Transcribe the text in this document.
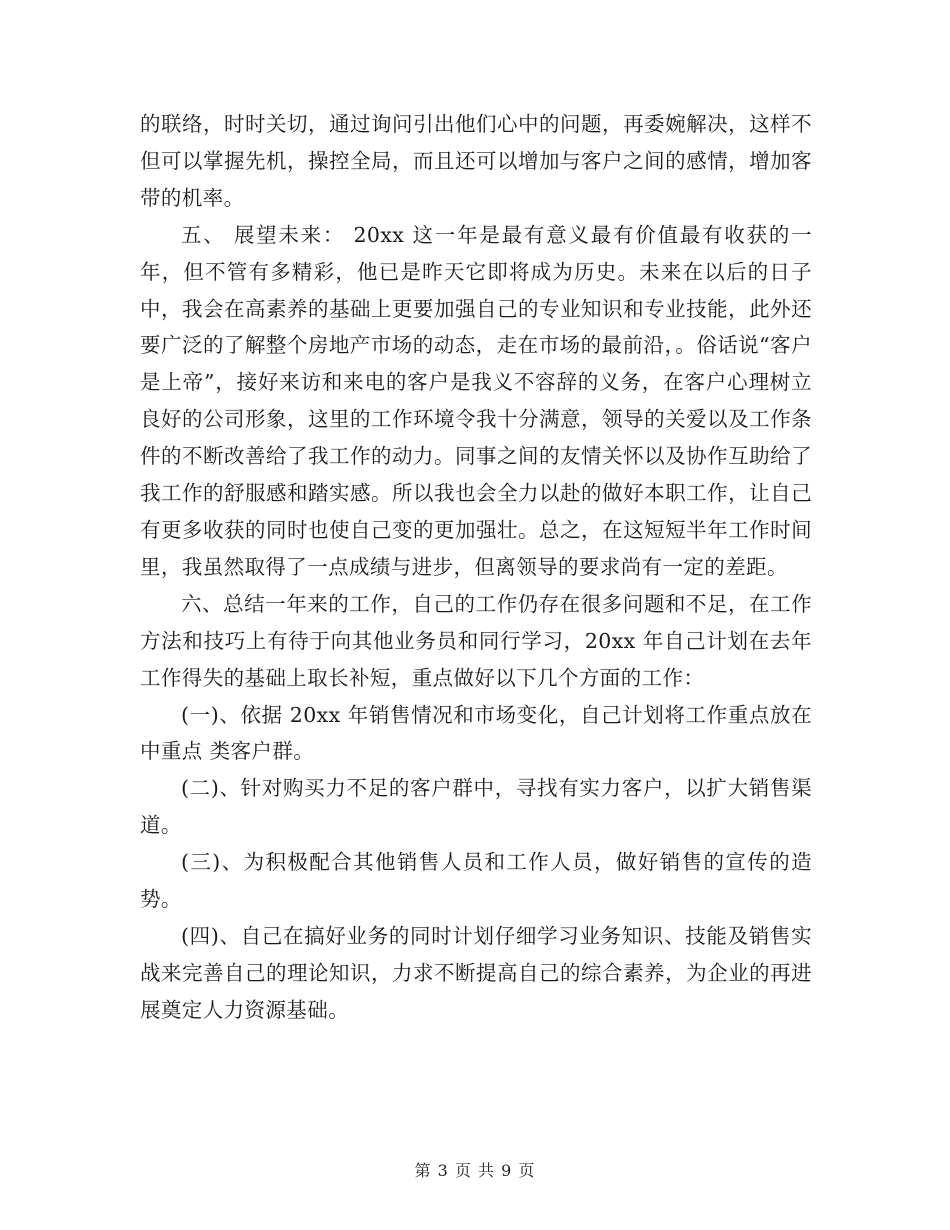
的联络，时时关切，通过询问引出他们心中的问题，再委婉解决，这样不但可以掌握先机，操控全局，而且还可以增加与客户之间的感情，增加客带的机率。

五、 展望未来： 20xx 这一年是最有意义最有价值最有收获的一年，但不管有多精彩，他已是昨天它即将成为历史。未来在以后的日子中，我会在高素养的基础上更要加强自己的专业知识和专业技能，此外还要广泛的了解整个房地产市场的动态，走在市场的最前沿，。俗话说“客户是上帝”，接好来访和来电的客户是我义不容辞的义务，在客户心理树立良好的公司形象，这里的工作环境令我十分满意，领导的关爱以及工作条件的不断改善给了我工作的动力。同事之间的友情关怀以及协作互助给了我工作的舒服感和踏实感。所以我也会全力以赴的做好本职工作，让自己有更多收获的同时也使自己变的更加强壮。总之，在这短短半年工作时间里，我虽然取得了一点成绩与进步，但离领导的要求尚有一定的差距。

六、总结一年来的工作，自己的工作仍存在很多问题和不足，在工作方法和技巧上有待于向其他业务员和同行学习，20xx 年自己计划在去年工作得失的基础上取长补短，重点做好以下几个方面的工作：

(一)、依据 20xx 年销售情况和市场变化，自己计划将工作重点放在中重点 类客户群。

(二)、针对购买力不足的客户群中，寻找有实力客户，以扩大销售渠道。

(三)、为积极配合其他销售人员和工作人员，做好销售的宣传的造势。

(四)、自己在搞好业务的同时计划仔细学习业务知识、技能及销售实战来完善自己的理论知识，力求不断提高自己的综合素养，为企业的再进展奠定人力资源基础。

第 3 页 共 9 页
